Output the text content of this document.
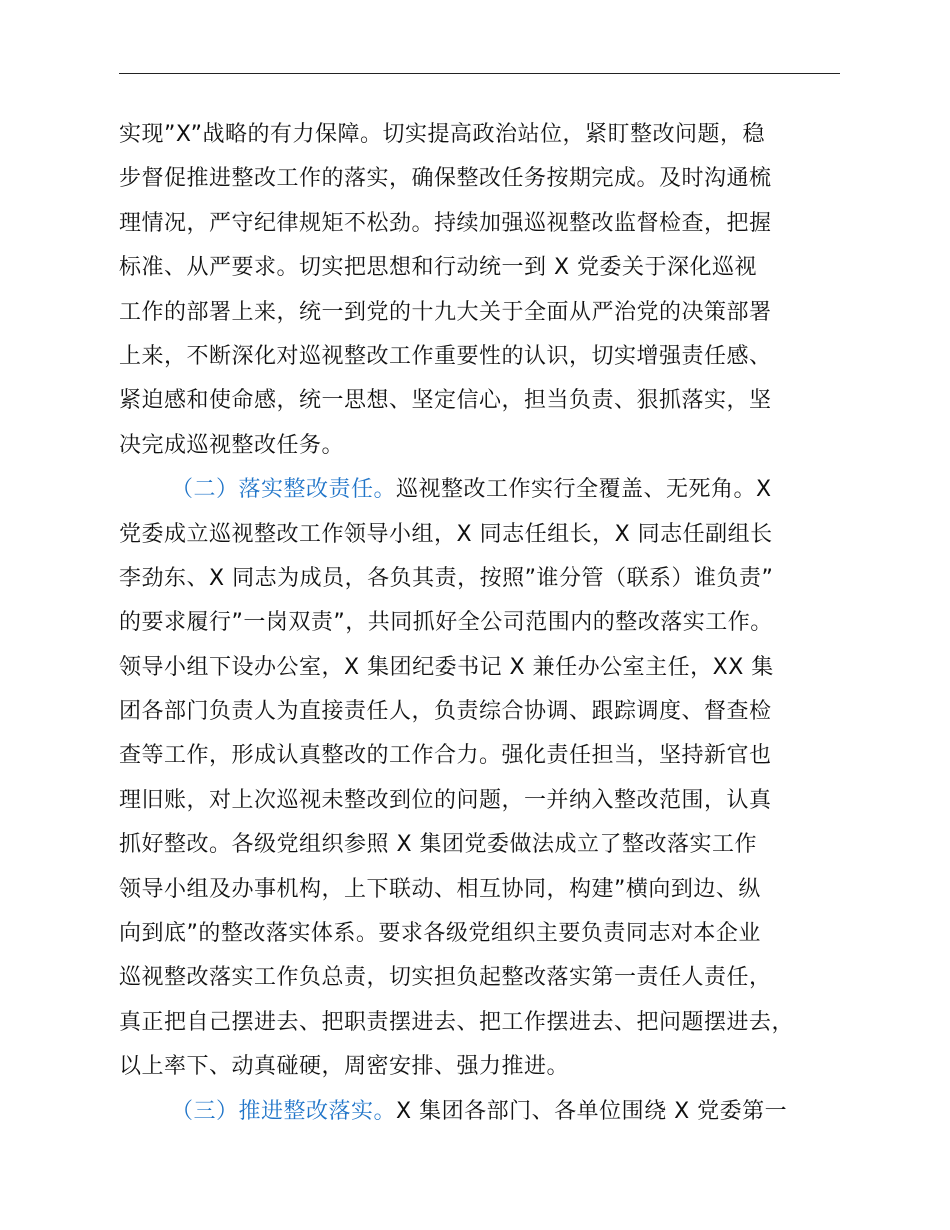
实现”X”战略的有力保障。切实提高政治站位，紧盯整改问题，稳
步督促推进整改工作的落实，确保整改任务按期完成。及时沟通梳
理情况，严守纪律规矩不松劲。持续加强巡视整改监督检查，把握
标准、从严要求。切实把思想和行动统一到 X 党委关于深化巡视
工作的部署上来，统一到党的十九大关于全面从严治党的决策部署
上来，不断深化对巡视整改工作重要性的认识，切实增强责任感、
紧迫感和使命感，统一思想、坚定信心，担当负责、狠抓落实，坚
决完成巡视整改任务。
（二）落实整改责任。巡视整改工作实行全覆盖、无死角。X
党委成立巡视整改工作领导小组，X 同志任组长，X 同志任副组长
李劲东、X 同志为成员，各负其责，按照”谁分管（联系）谁负责”
的要求履行”一岗双责”，共同抓好全公司范围内的整改落实工作。
领导小组下设办公室，X 集团纪委书记 X 兼任办公室主任，XX 集
团各部门负责人为直接责任人，负责综合协调、跟踪调度、督查检
查等工作，形成认真整改的工作合力。强化责任担当，坚持新官也
理旧账，对上次巡视未整改到位的问题，一并纳入整改范围，认真
抓好整改。各级党组织参照 X 集团党委做法成立了整改落实工作
领导小组及办事机构，上下联动、相互协同，构建”横向到边、纵
向到底”的整改落实体系。要求各级党组织主要负责同志对本企业
巡视整改落实工作负总责，切实担负起整改落实第一责任人责任，
真正把自己摆进去、把职责摆进去、把工作摆进去、把问题摆进去，
以上率下、动真碰硬，周密安排、强力推进。
（三）推进整改落实。X 集团各部门、各单位围绕 X 党委第一
